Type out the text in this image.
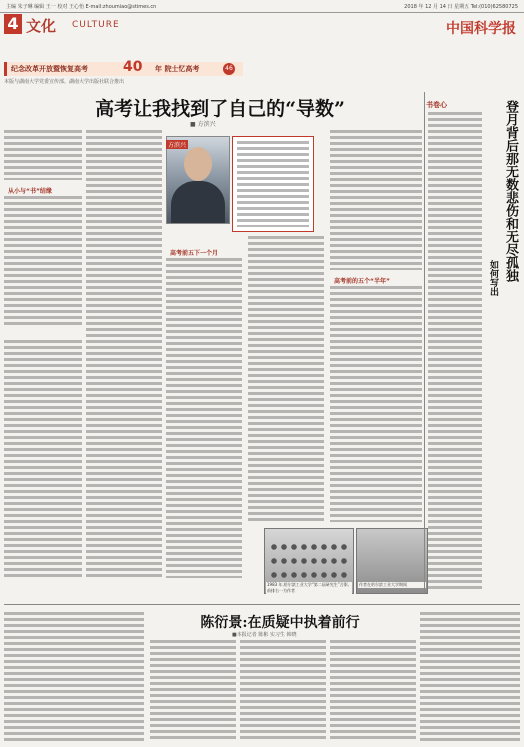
主编 朱子琳 编辑 王一 校对 王心怡 E-mail:zhoumiao@stimes.cn	2018 年 12 月 14 日 星期五 Tel:(010)62580725
4 文化 CULTURE	中国科学报
纪念改革开放暨恢复高考	40 年 院士忆高考	46
本版与湖南大学党委宣传部、湖南大学出版社联合推出
高考让我找到了自己的“导数”
■ 方滨兴
从小与“书”结缘
方滨兴
高考前五下一个月
高考前的五个“半年”
1983 年,哈尔滨工业大学“第二届研究生”合影,前排右一为作者
作者在哈尔滨工业大学期间
书卷心	登月背后那无数悲伤和无尽孤独
如何写出
陈衍景:在质疑中执着前行
■本报记者 陈彬 实习生 韩晓
